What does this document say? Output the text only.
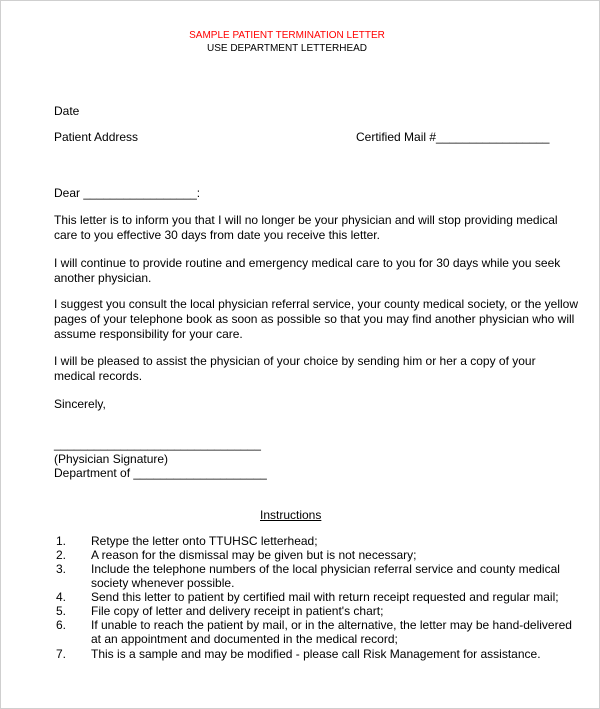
SAMPLE PATIENT TERMINATION LETTER
USE DEPARTMENT LETTERHEAD
Date
Patient Address	Certified Mail #_________________
Dear _________________:
This letter is to inform you that I will no longer be your physician and will stop providing medical care to you effective 30 days from date you receive this letter.
I will continue to provide routine and emergency medical care to you for 30 days while you seek another physician.
I suggest you consult the local physician referral service, your county medical society, or the yellow pages of your telephone book as soon as possible so that you may find another physician who will assume responsibility for your care.
I will be pleased to assist the physician of your choice by sending him or her a copy of your medical records.
Sincerely,
_______________________________
(Physician Signature)
Department of ____________________
Instructions
1. Retype the letter onto TTUHSC letterhead;
2. A reason for the dismissal may be given but is not necessary;
3. Include the telephone numbers of the local physician referral service and county medical society whenever possible.
4. Send this letter to patient by certified mail with return receipt requested and regular mail;
5. File copy of letter and delivery receipt in patient's chart;
6. If unable to reach the patient by mail, or in the alternative, the letter may be hand-delivered at an appointment and documented in the medical record;
7. This is a sample and may be modified - please call Risk Management for assistance.
